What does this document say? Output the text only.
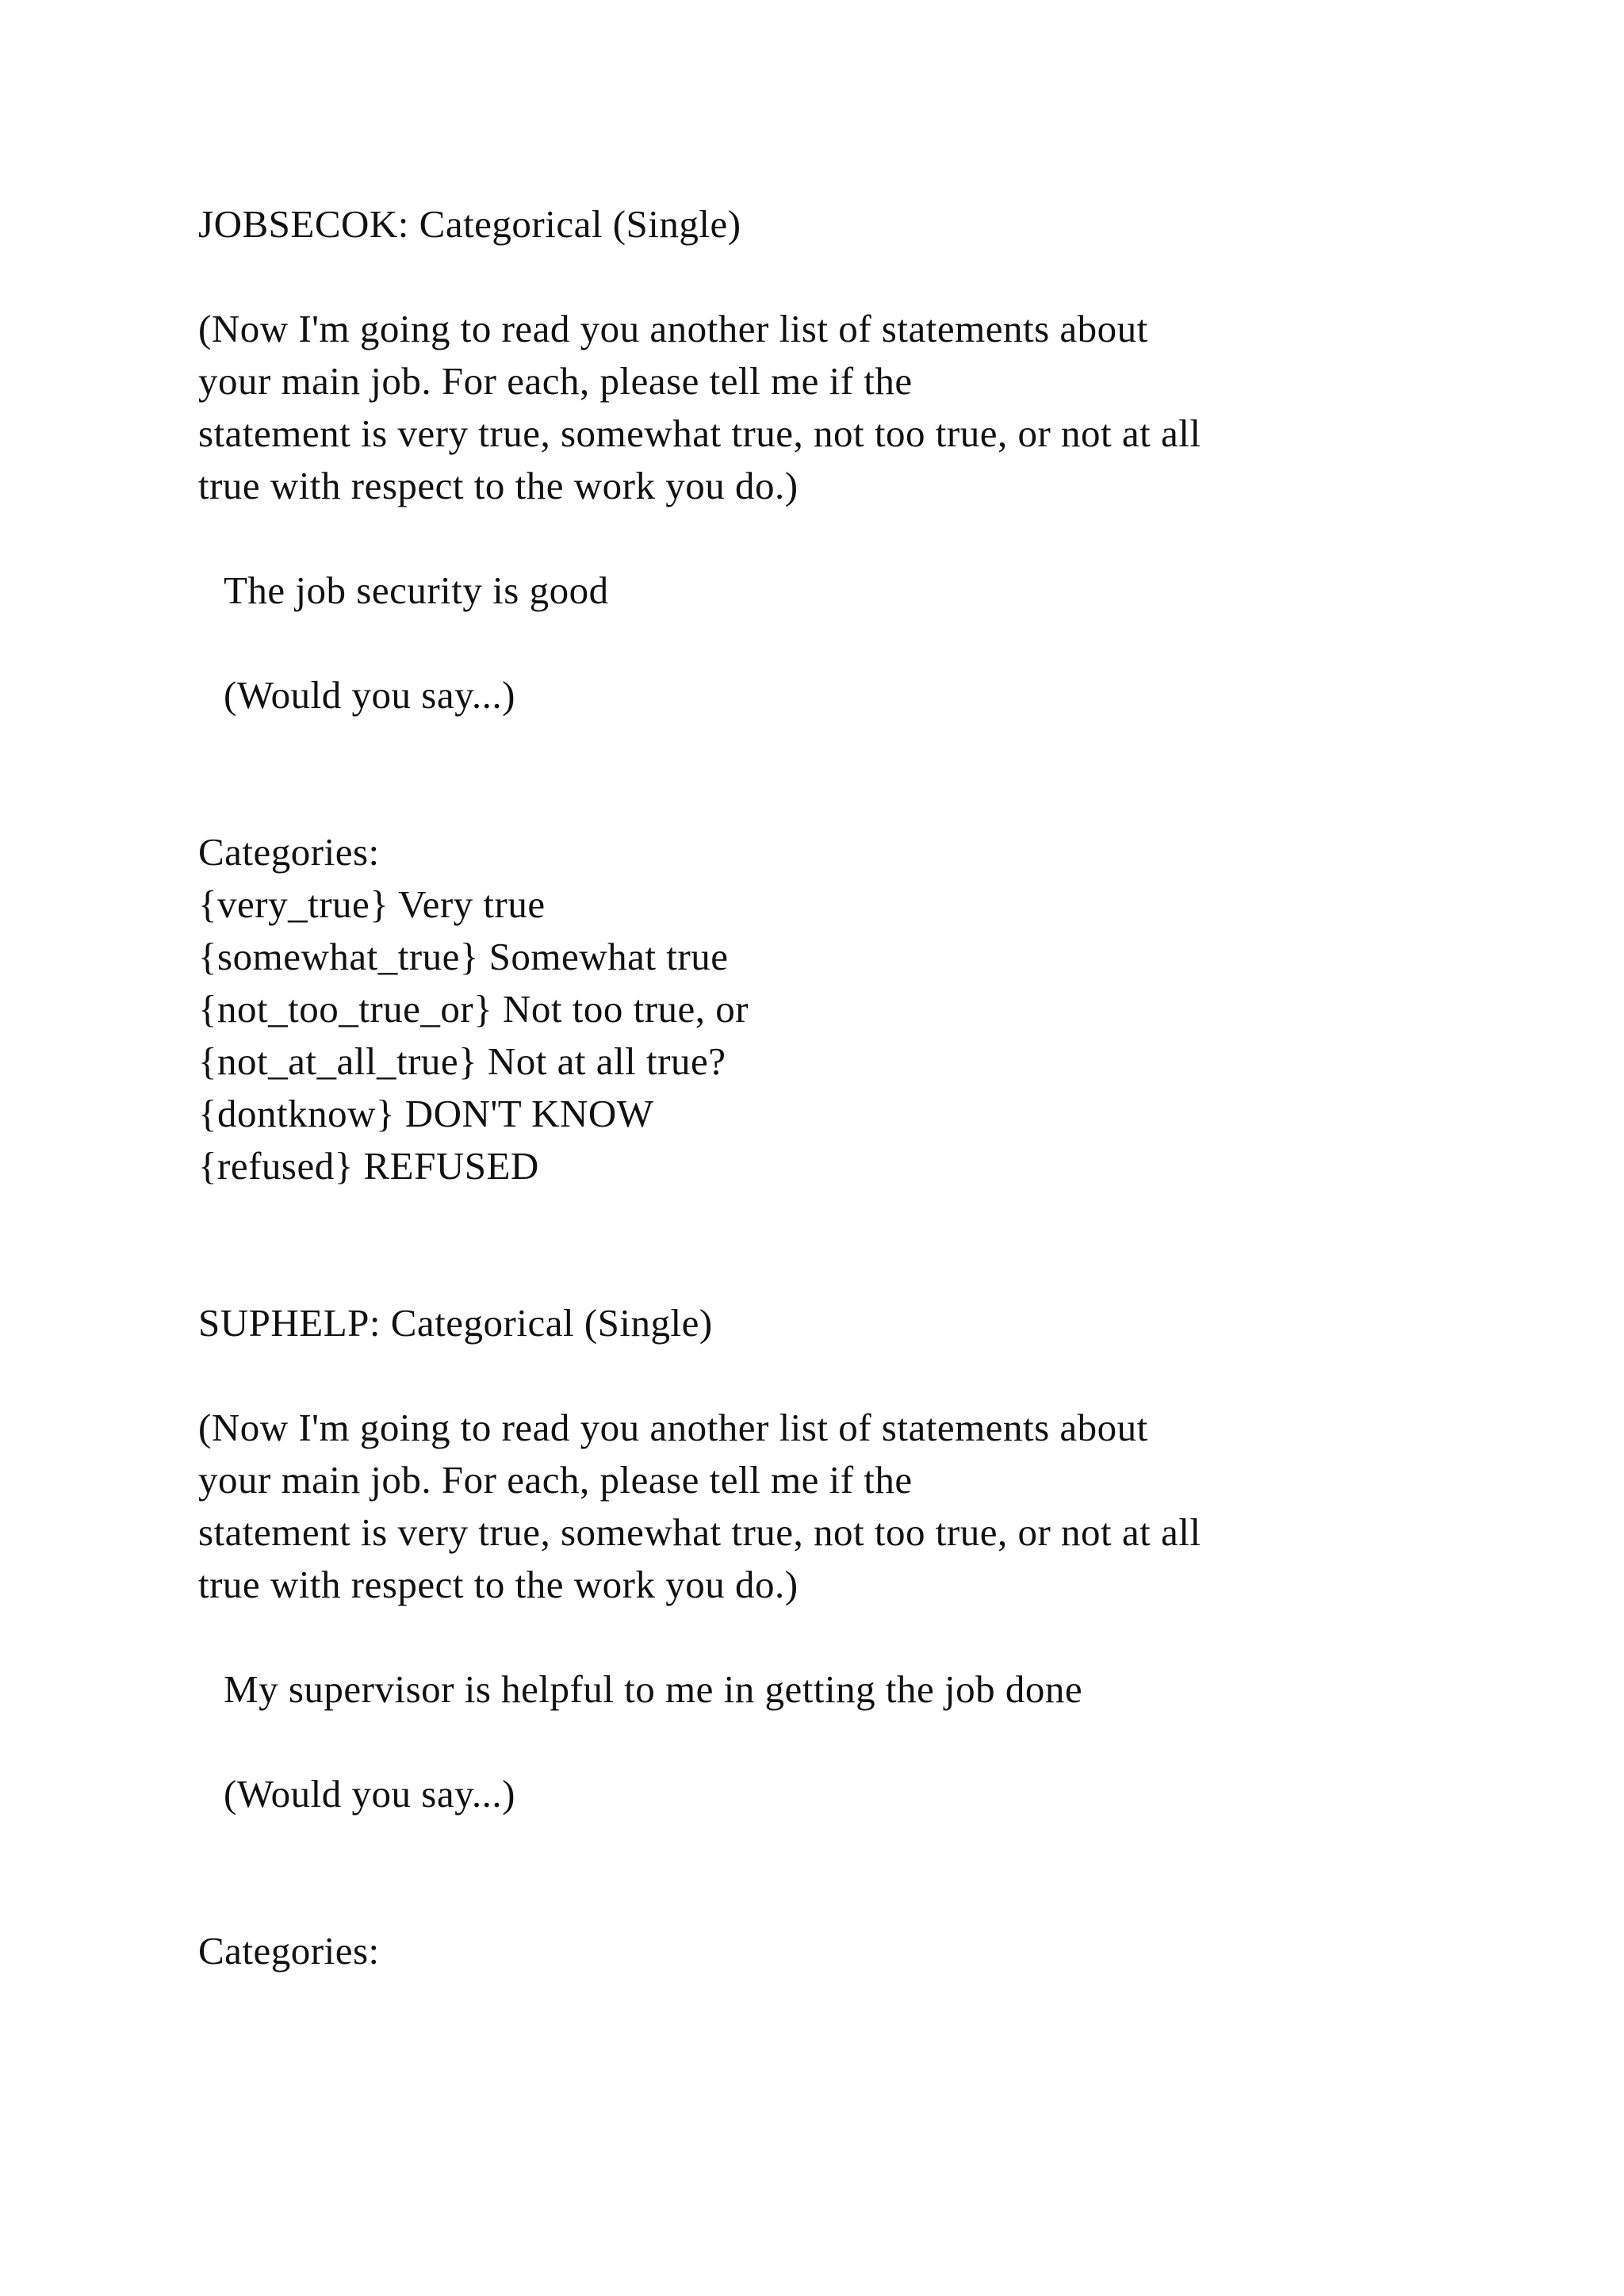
JOBSECOK: Categorical (Single)
(Now I'm going to read you another list of statements about
your main job. For each, please tell me if the
statement is very true, somewhat true, not too true, or not at all
true with respect to the work you do.)
The job security is good
(Would you say...)
Categories:
{very_true} Very true
{somewhat_true} Somewhat true
{not_too_true_or} Not too true, or
{not_at_all_true} Not at all true?
{dontknow} DON'T KNOW
{refused} REFUSED
SUPHELP: Categorical (Single)
(Now I'm going to read you another list of statements about
your main job. For each, please tell me if the
statement is very true, somewhat true, not too true, or not at all
true with respect to the work you do.)
My supervisor is helpful to me in getting the job done
(Would you say...)
Categories:
